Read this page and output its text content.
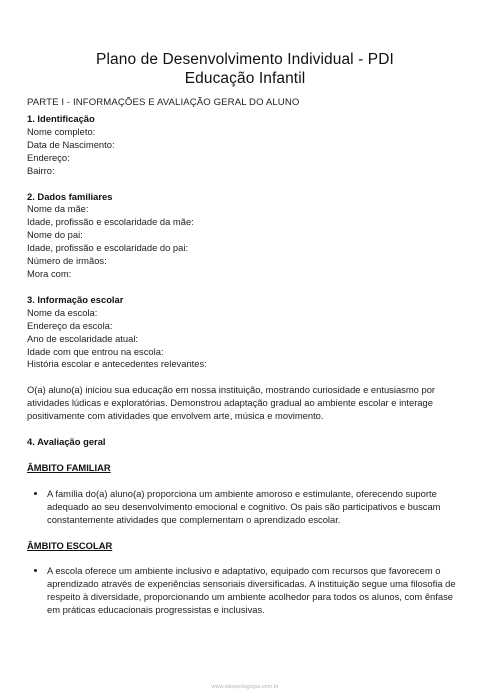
Plano de Desenvolvimento Individual - PDI
Educação Infantil
PARTE I - INFORMAÇÕES E AVALIAÇÃO GERAL DO ALUNO
1. Identificação
Nome completo:
Data de Nascimento:
Endereço:
Bairro:
2. Dados familiares
Nome da mãe:
Idade, profissão e escolaridade da mãe:
Nome do pai:
Idade, profissão e escolaridade do pai:
Número de irmãos:
Mora com:
3. Informação escolar
Nome da escola:
Endereço da escola:
Ano de escolaridade atual:
Idade com que entrou na escola:
História escolar e antecedentes relevantes:

O(a) aluno(a) iniciou sua educação em nossa instituição, mostrando curiosidade e entusiasmo por atividades lúdicas e exploratórias. Demonstrou adaptação gradual ao ambiente escolar e interage positivamente com atividades que envolvem arte, música e movimento.

4. Avaliação geral
ÂMBITO FAMILIAR
• A família do(a) aluno(a) proporciona um ambiente amoroso e estimulante, oferecendo suporte adequado ao seu desenvolvimento emocional e cognitivo. Os pais são participativos e buscam constantemente atividades que complementam o aprendizado escolar.
ÂMBITO ESCOLAR
• A escola oferece um ambiente inclusivo e adaptativo, equipado com recursos que favorecem o aprendizado através de experiências sensoriais diversificadas. A instituição segue uma filosofia de respeito à diversidade, proporcionando um ambiente acolhedor para todos os alunos, com ênfase em práticas educacionais progressistas e inclusivas.
www.sitiopedagogia.com.br
